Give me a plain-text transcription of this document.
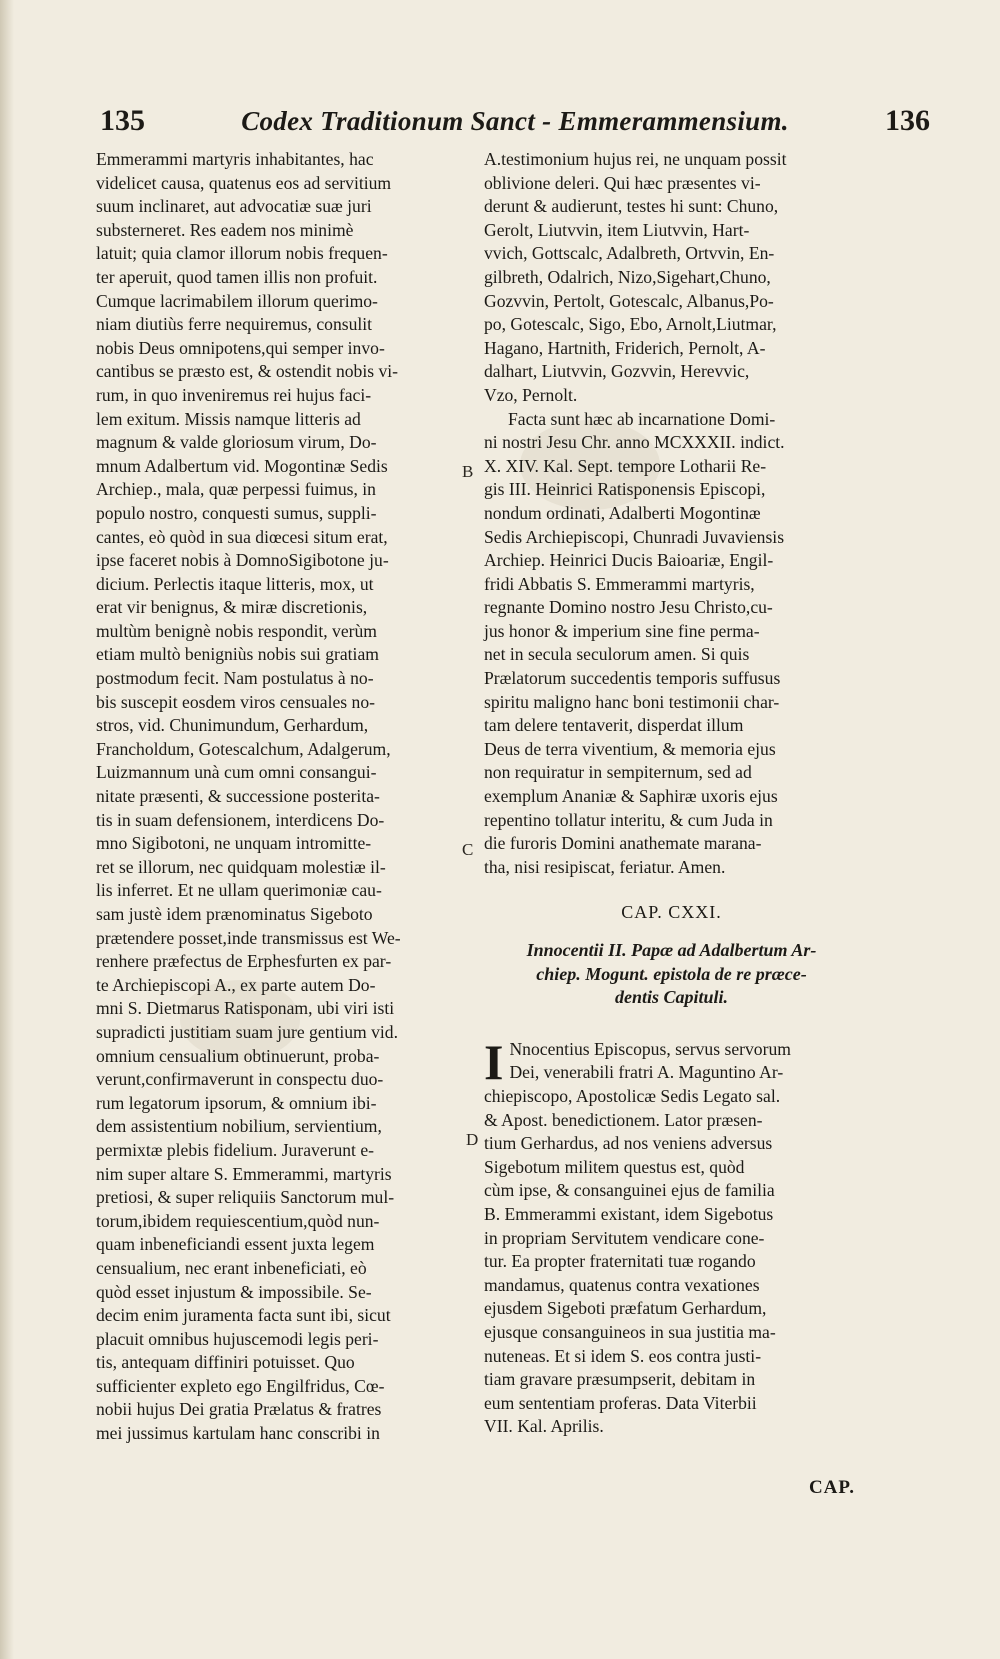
135	Codex Traditionum Sanct - Emmerammensium.	136
Emmerammi martyris inhabitantes, hac
videlicet causa, quatenus eos ad servitium
suum inclinaret, aut advocatiæ suæ juri
substerneret. Res eadem nos minimè
latuit; quia clamor illorum nobis frequen-
ter aperuit, quod tamen illis non profuit.
Cumque lacrimabilem illorum querimo-
niam diutiùs ferre nequiremus, consulit
nobis Deus omnipotens,qui semper invo-
cantibus se præsto est, & ostendit nobis vi-
rum, in quo inveniremus rei hujus faci-
lem exitum. Missis namque litteris ad
magnum & valde gloriosum virum, Do-
mnum Adalbertum vid. Mogontinæ Sedis
Archiep., mala, quæ perpessi fuimus, in
populo nostro, conquesti sumus, suppli-
cantes, eò quòd in sua diœcesi situm erat,
ipse faceret nobis à DomnoSigibotone ju-
dicium. Perlectis itaque litteris, mox, ut
erat vir benignus, & miræ discretionis,
multùm benignè nobis respondit, verùm
etiam multò benigniùs nobis sui gratiam
postmodum fecit. Nam postulatus à no-
bis suscepit eosdem viros censuales no-
stros, vid. Chunimundum, Gerhardum,
Francholdum, Gotescalchum, Adalgerum,
Luizmannum unà cum omni consangui-
nitate præsenti, & successione posterita-
tis in suam defensionem, interdicens Do-
mno Sigibotoni, ne unquam intromitte-
ret se illorum, nec quidquam molestiæ il-
lis inferret. Et ne ullam querimoniæ cau-
sam justè idem prænominatus Sigeboto
prætendere posset,inde transmissus est We-
renhere præfectus de Erphesfurten ex par-
te Archiepiscopi A., ex parte autem Do-
mni S. Dietmarus Ratisponam, ubi viri isti
supradicti justitiam suam jure gentium vid.
omnium censualium obtinuerunt, proba-
verunt,confirmaverunt in conspectu duo-
rum legatorum ipsorum, & omnium ibi-
dem assistentium nobilium, servientium,
permixtæ plebis fidelium. Juraverunt e-
nim super altare S. Emmerammi, martyris
pretiosi, & super reliquiis Sanctorum mul-
torum,ibidem requiescentium,quòd nun-
quam inbeneficiandi essent juxta legem
censualium, nec erant inbeneficiati, eò
quòd esset injustum & impossibile. Se-
decim enim juramenta facta sunt ibi, sicut
placuit omnibus hujuscemodi legis peri-
tis, antequam diffiniri potuisset. Quo
sufficienter expleto ego Engilfridus, Cœ-
nobii hujus Dei gratia Prælatus & fratres
mei jussimus kartulam hanc conscribi in
A.testimonium hujus rei, ne unquam possit
oblivione deleri. Qui hæc præsentes vi-
derunt & audierunt, testes hi sunt: Chuno,
Gerolt, Liutvvin, item Liutvvin, Hart-
vvich, Gottscalc, Adalbreth, Ortvvin, En-
gilbreth, Odalrich, Nizo,Sigehart,Chuno,
Gozvvin, Pertolt, Gotescalc, Albanus,Po-
po, Gotescalc, Sigo, Ebo, Arnolt,Liutmar,
Hagano, Hartnith, Friderich, Pernolt, A-
dalhart, Liutvvin, Gozvvin, Herevvic,
Vzo, Pernolt.
Facta sunt hæc ab incarnatione Domi-
ni nostri Jesu Chr. anno MCXXXII. indict.
X. XIV. Kal. Sept. tempore Lotharii Re-
gis III. Heinrici Ratisponensis Episcopi,
nondum ordinati, Adalberti Mogontinæ
Sedis Archiepiscopi, Chunradi Juvaviensis
Archiep. Heinrici Ducis Baioariæ, Engil-
fridi Abbatis S. Emmerammi martyris,
regnante Domino nostro Jesu Christo,cu-
jus honor & imperium sine fine perma-
net in secula seculorum amen. Si quis
Prælatorum succedentis temporis suffusus
spiritu maligno hanc boni testimonii char-
tam delere tentaverit, disperdat illum
Deus de terra viventium, & memoria ejus
non requiratur in sempiternum, sed ad
exemplum Ananiæ & Saphiræ uxoris ejus
repentino tollatur interitu, & cum Juda in
die furoris Domini anathemate marana-
tha, nisi resipiscat, feriatur. Amen.
CAP. CXXI.
Innocentii II. Papæ ad Adalbertum Ar-
chiep. Mogunt. epistola de re præce-
dentis Capituli.
I Nnocentius Episcopus, servus servorum
Dei, venerabili fratri A. Maguntino Ar-
chiepiscopo, Apostolicæ Sedis Legato sal.
& Apost. benedictionem. Lator præsen-
tium Gerhardus, ad nos veniens adversus
Sigebotum militem questus est, quòd
cùm ipse, & consanguinei ejus de familia
B. Emmerammi existant, idem Sigebotus
in propriam Servitutem vendicare cone-
tur. Ea propter fraternitati tuæ rogando
mandamus, quatenus contra vexationes
ejusdem Sigeboti præfatum Gerhardum,
ejusque consanguineos in sua justitia ma-
nuteneas. Et si idem S. eos contra justi-
tiam gravare præsumpserit, debitam in
eum sententiam proferas. Data Viterbii
VII. Kal. Aprilis.
B
C
D
CAP.
